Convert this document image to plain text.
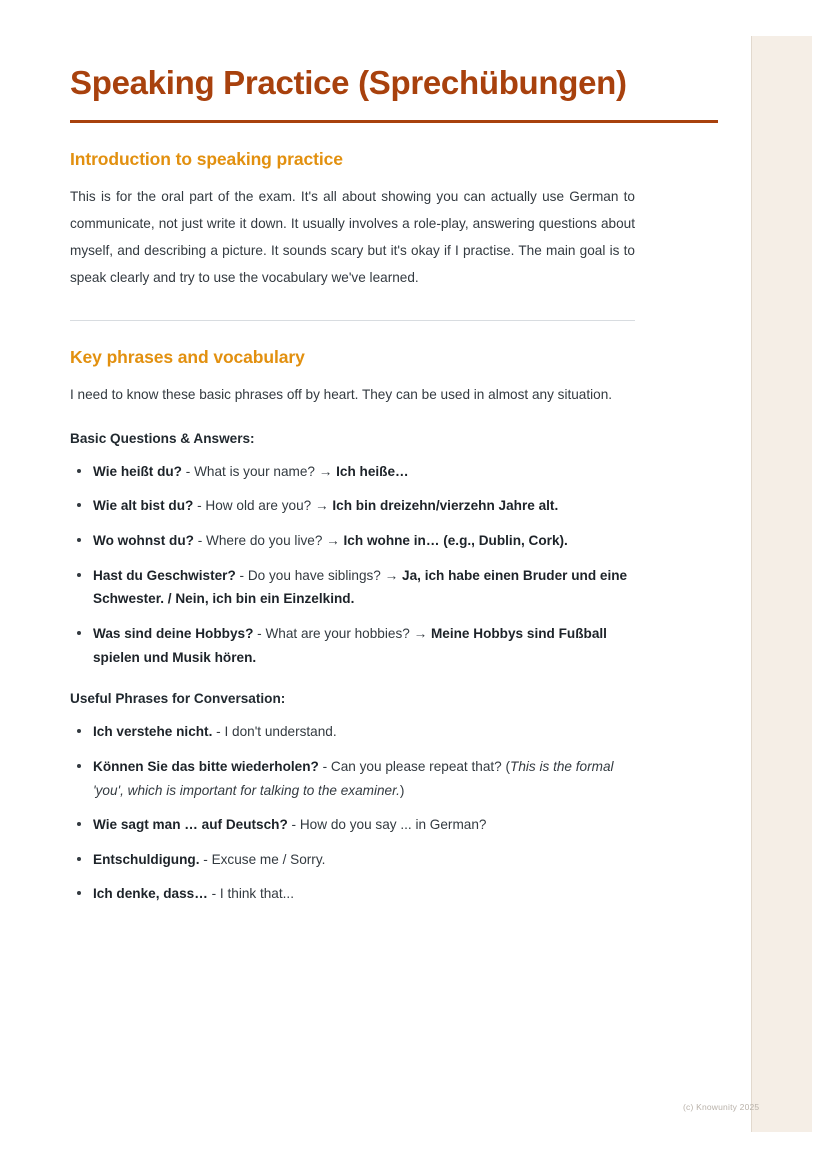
Speaking Practice (Sprechübungen)
Introduction to speaking practice

This is for the oral part of the exam. It's all about showing you can actually use German to communicate, not just write it down. It usually involves a role-play, answering questions about myself, and describing a picture. It sounds scary but it's okay if I practise. The main goal is to speak clearly and try to use the vocabulary we've learned.

Key phrases and vocabulary

I need to know these basic phrases off by heart. They can be used in almost any situation.

Basic Questions & Answers:
Wie heißt du? - What is your name? → Ich heiße…
Wie alt bist du? - How old are you? → Ich bin dreizehn/vierzehn Jahre alt.
Wo wohnst du? - Where do you live? → Ich wohne in… (e.g., Dublin, Cork).
Hast du Geschwister? - Do you have siblings? → Ja, ich habe einen Bruder und eine Schwester. / Nein, ich bin ein Einzelkind.
Was sind deine Hobbys? - What are your hobbies? → Meine Hobbys sind Fußball spielen und Musik hören.
Useful Phrases for Conversation:
Ich verstehe nicht. - I don't understand.
Können Sie das bitte wiederholen? - Can you please repeat that? (This is the formal 'you', which is important for talking to the examiner.)
Wie sagt man … auf Deutsch? - How do you say ... in German?
Entschuldigung. - Excuse me / Sorry.
Ich denke, dass… - I think that...
(c) Knowunity 2025
